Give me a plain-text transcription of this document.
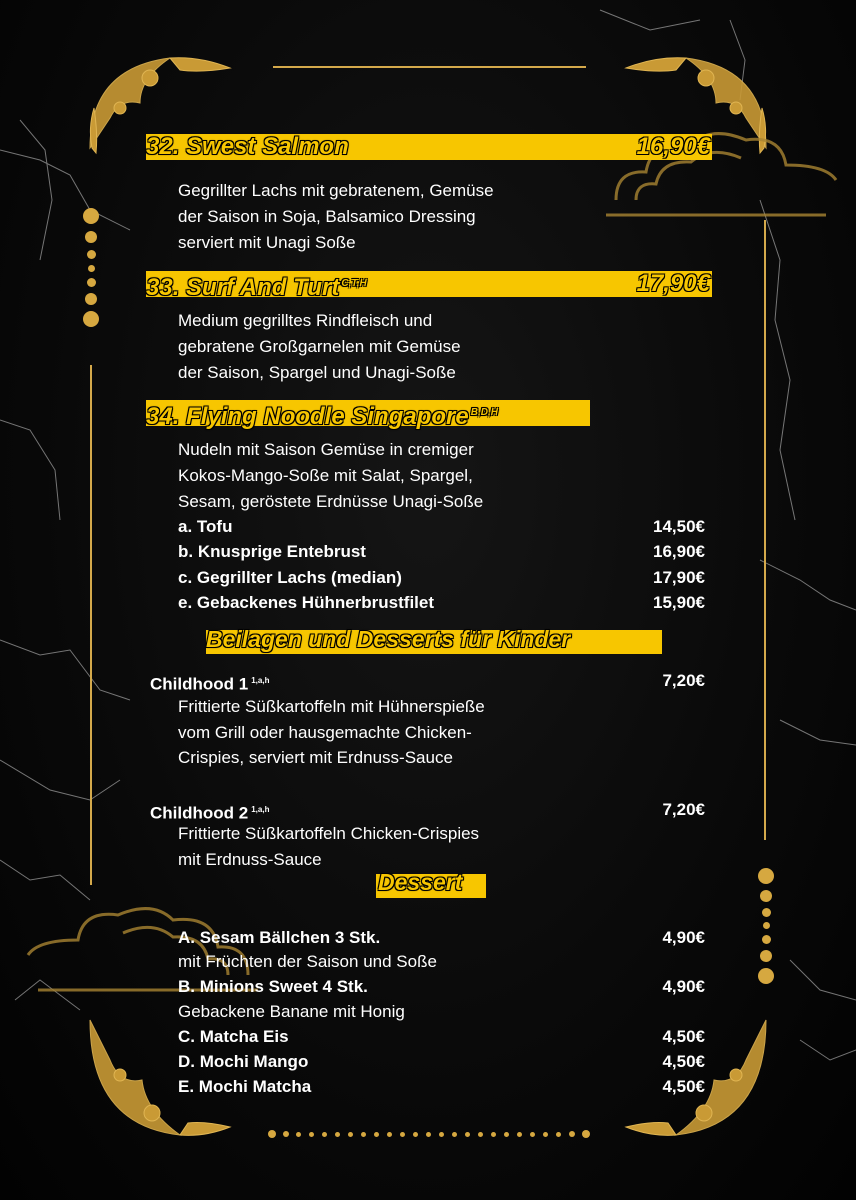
32. Swest Salmon	16,90€
Gegrillter Lachs mit gebratenem, Gemüse
der Saison in Soja, Balsamico Dressing
serviert mit Unagi Soße
33. Surf And Turt $^{C,T,H}$	17,90€
Medium gegrilltes Rindfleisch und
gebratene Großgarnelen mit Gemüse
der Saison, Spargel und Unagi-Soße
34. Flying Noodle Singapore $^{B,D,H}$
Nudeln mit Saison Gemüse in cremiger
Kokos-Mango-Soße mit Salat, Spargel,
Sesam, geröstete Erdnüsse Unagi-Soße
a. Tofu	14,50€
b. Knusprige Entebrust	16,90€
c. Gegrillter Lachs (median)	17,90€
e. Gebackenes Hühnerbrustfilet	15,90€
Beilagen und Desserts für Kinder
Childhood 1 $^{1,a,h}$	7,20€
Frittierte Süßkartoffeln mit Hühnerspieße
vom Grill oder hausgemachte Chicken-
Crispies, serviert mit Erdnuss-Sauce
Childhood 2 $^{1,a,h}$	7,20€
Frittierte Süßkartoffeln Chicken-Crispies
mit Erdnuss-Sauce
Dessert
A. Sesam Bällchen 3 Stk.	4,90€
mit Früchten der Saison und Soße
B. Minions Sweet 4 Stk.	4,90€
Gebackene Banane mit Honig
C. Matcha Eis	4,50€
D. Mochi Mango	4,50€
E. Mochi Matcha	4,50€
